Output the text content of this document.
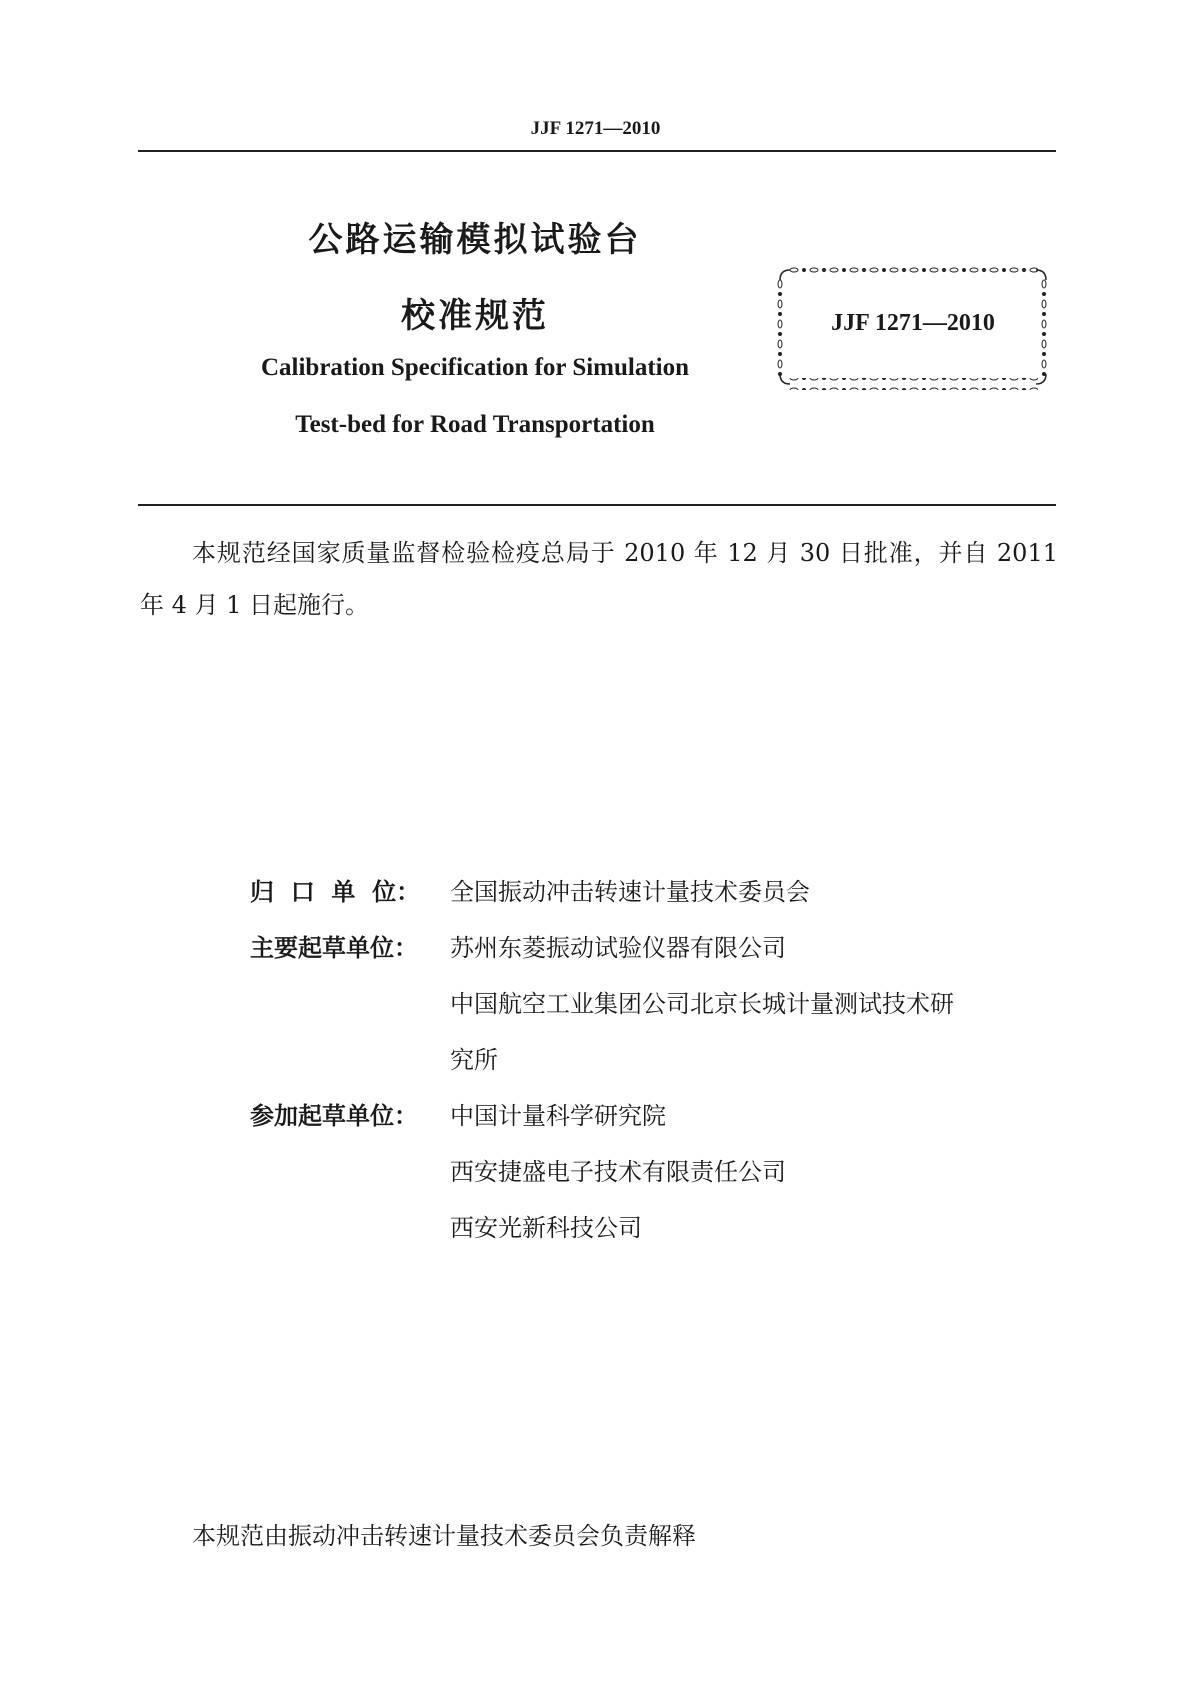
JJF 1271—2010
公路运输模拟试验台
校准规范
Calibration Specification for Simulation
Test-bed for Road Transportation
JJF 1271—2010
本规范经国家质量监督检验检疫总局于 2010 年 12 月 30 日批准，并自 2011 年 4 月 1 日起施行。
归  口  单  位：	全国振动冲击转速计量技术委员会
主要起草单位：	苏州东菱振动试验仪器有限公司
中国航空工业集团公司北京长城计量测试技术研
究所
参加起草单位：	中国计量科学研究院
西安捷盛电子技术有限责任公司
西安光新科技公司
本规范由振动冲击转速计量技术委员会负责解释
